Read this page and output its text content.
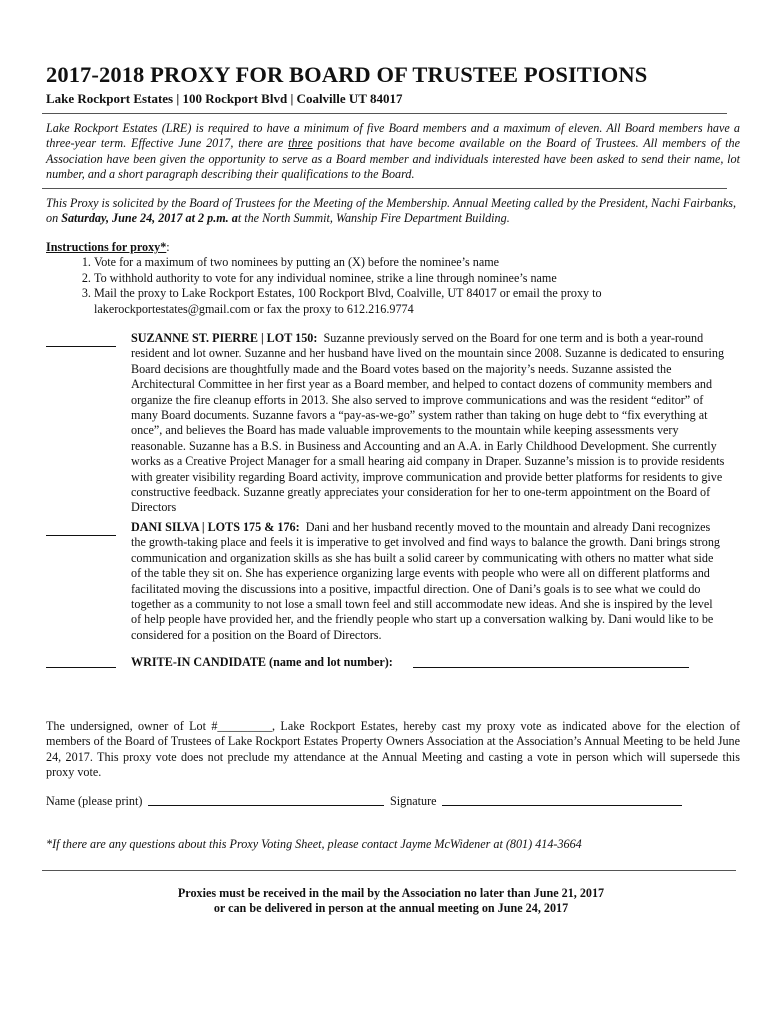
2017-2018 PROXY FOR BOARD OF TRUSTEE POSITIONS
Lake Rockport Estates | 100 Rockport Blvd | Coalville UT 84017

Lake Rockport Estates (LRE) is required to have a minimum of five Board members and a maximum of eleven. All Board members have a three-year term. Effective June 2017, there are three positions that have become available on the Board of Trustees. All members of the Association have been given the opportunity to serve as a Board member and individuals interested have been asked to send their name, lot number, and a short paragraph describing their qualifications to the Board.

This Proxy is solicited by the Board of Trustees for the Meeting of the Membership. Annual Meeting called by the President, Nachi Fairbanks, on Saturday, June 24, 2017 at 2 p.m. at the North Summit, Wanship Fire Department Building.

Instructions for proxy*:
1. Vote for a maximum of two nominees by putting an (X) before the nominee’s name
2. To withhold authority to vote for any individual nominee, strike a line through nominee’s name
3. Mail the proxy to Lake Rockport Estates, 100 Rockport Blvd, Coalville, UT 84017 or email the proxy to lakerockportestates@gmail.com or fax the proxy to 612.216.9774

SUZANNE ST. PIERRE | LOT 150: Suzanne previously served on the Board for one term and is both a year-round resident and lot owner. Suzanne and her husband have lived on the mountain since 2008. Suzanne is dedicated to ensuring Board decisions are thoughtfully made and the Board votes based on the majority’s needs. Suzanne assisted the Architectural Committee in her first year as a Board member, and helped to contact dozens of community members and organize the fire cleanup efforts in 2013. She also served to improve communications and was the resident “editor” of many Board documents. Suzanne favors a “pay-as-we-go” system rather than taking on huge debt to “fix everything at once”, and believes the Board has made valuable improvements to the mountain while keeping assessments very reasonable. Suzanne has a B.S. in Business and Accounting and an A.A. in Early Childhood Development. She currently works as a Creative Project Manager for a small hearing aid company in Draper. Suzanne’s mission is to provide residents with greater visibility regarding Board activity, improve communication and provide better platforms for residents to give constructive feedback. Suzanne greatly appreciates your consideration for her to one-term appointment on the Board of Directors

DANI SILVA | LOTS 175 & 176: Dani and her husband recently moved to the mountain and already Dani recognizes the growth-taking place and feels it is imperative to get involved and find ways to balance the growth. Dani brings strong communication and organization skills as she has built a solid career by communicating with others no matter what side of the table they sit on. She has experience organizing large events with people who were all on different platforms and facilitated moving the discussions into a positive, impactful direction. One of Dani’s goals is to see what we could do together as a community to not lose a small town feel and still accommodate new ideas. And she is inspired by the level of help people have provided her, and the friendly people who start up a conversation walking by. Dani would like to be considered for a position on the Board of Directors.

WRITE-IN CANDIDATE (name and lot number):

The undersigned, owner of Lot #_________, Lake Rockport Estates, hereby cast my proxy vote as indicated above for the election of members of the Board of Trustees of Lake Rockport Estates Property Owners Association at the Association’s Annual Meeting to be held June 24, 2017. This proxy vote does not preclude my attendance at the Annual Meeting and casting a vote in person which will supersede this proxy vote.

Name (please print)	Signature
*If there are any questions about this Proxy Voting Sheet, please contact Jayme McWidener at (801) 414-3664
Proxies must be received in the mail by the Association no later than June 21, 2017
or can be delivered in person at the annual meeting on June 24, 2017
